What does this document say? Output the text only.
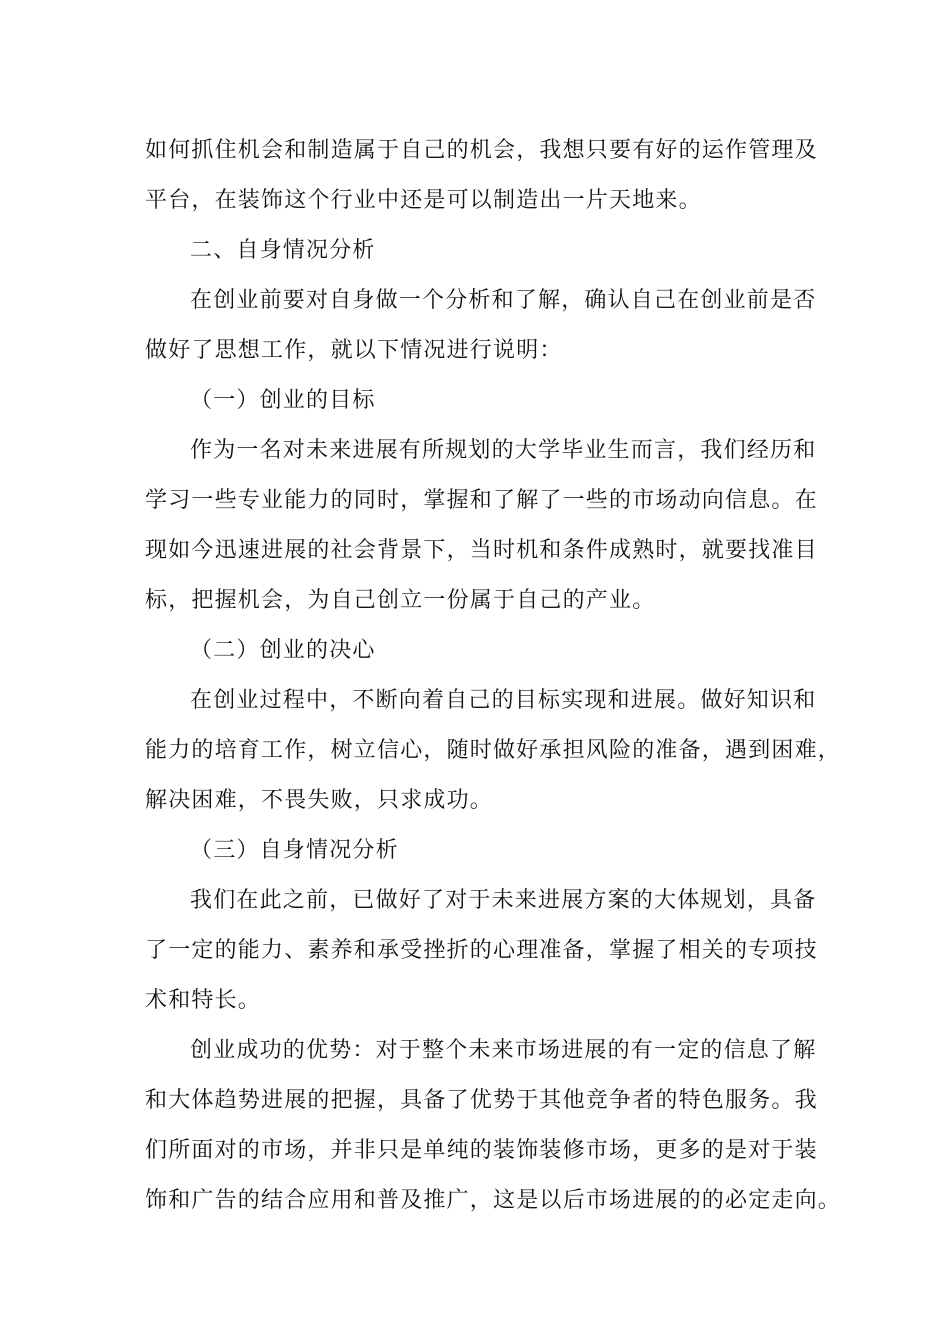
如何抓住机会和制造属于自己的机会，我想只要有好的运作管理及
平台，在装饰这个行业中还是可以制造出一片天地来。
二、自身情况分析
在创业前要对自身做一个分析和了解，确认自己在创业前是否
做好了思想工作，就以下情况进行说明：
（一）创业的目标
作为一名对未来进展有所规划的大学毕业生而言，我们经历和
学习一些专业能力的同时，掌握和了解了一些的市场动向信息。在
现如今迅速进展的社会背景下，当时机和条件成熟时，就要找准目
标，把握机会，为自己创立一份属于自己的产业。
（二）创业的决心
在创业过程中，不断向着自己的目标实现和进展。做好知识和
能力的培育工作，树立信心，随时做好承担风险的准备，遇到困难，
解决困难，不畏失败，只求成功。
（三）自身情况分析
我们在此之前，已做好了对于未来进展方案的大体规划，具备
了一定的能力、素养和承受挫折的心理准备，掌握了相关的专项技
术和特长。
创业成功的优势：对于整个未来市场进展的有一定的信息了解
和大体趋势进展的把握，具备了优势于其他竞争者的特色服务。我
们所面对的市场，并非只是单纯的装饰装修市场，更多的是对于装
饰和广告的结合应用和普及推广，这是以后市场进展的的必定走向。
